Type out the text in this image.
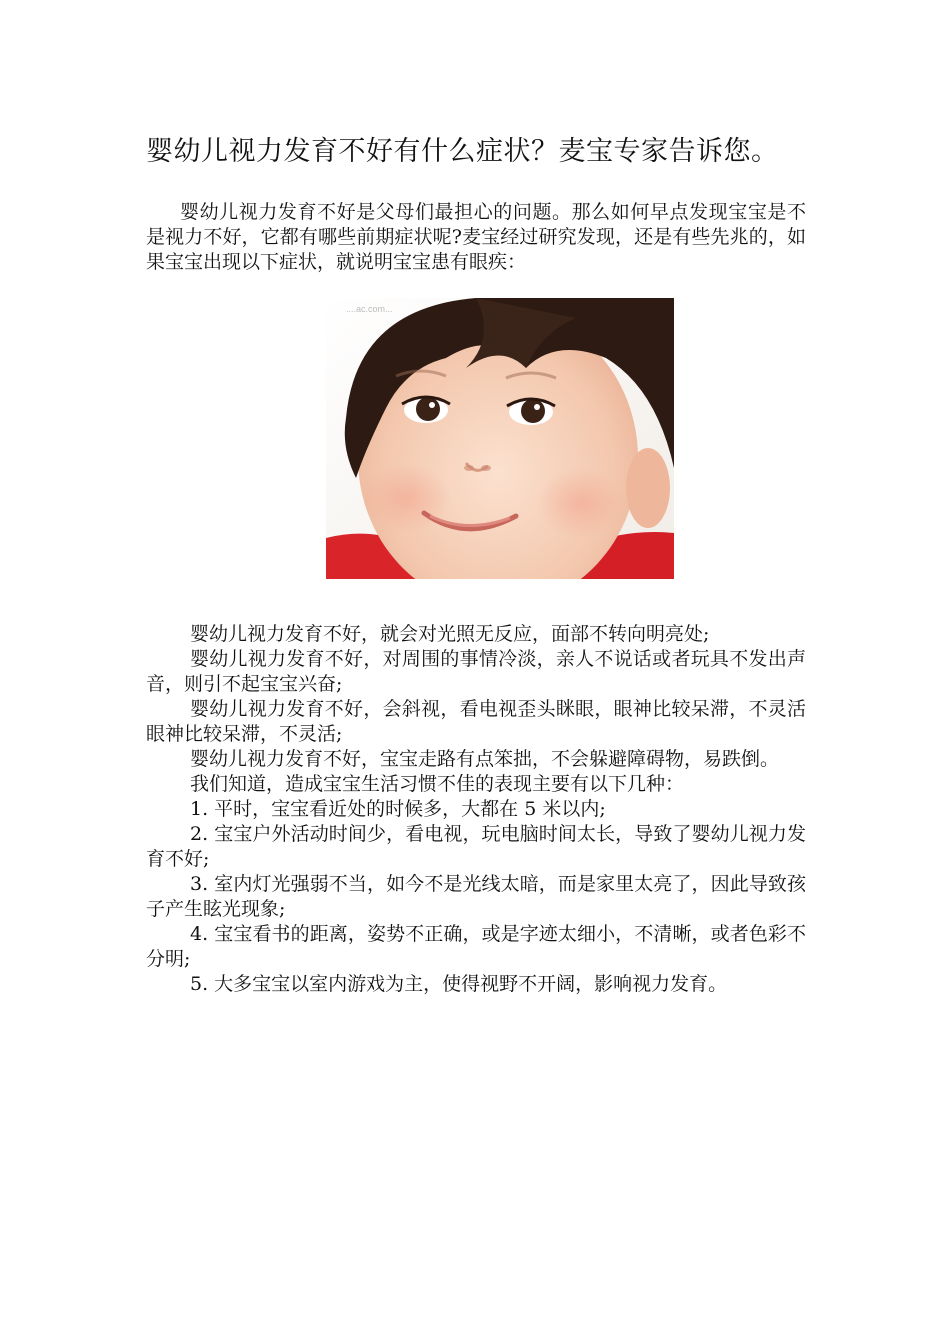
婴幼儿视力发育不好有什么症状？麦宝专家告诉您。

婴幼儿视力发育不好是父母们最担心的问题。那么如何早点发现宝宝是不是视力不好，它都有哪些前期症状呢?麦宝经过研究发现，还是有些先兆的，如果宝宝出现以下症状，就说明宝宝患有眼疾：

....ac.com...

婴幼儿视力发育不好，就会对光照无反应，面部不转向明亮处;

婴幼儿视力发育不好，对周围的事情冷淡，亲人不说话或者玩具不发出声音，则引不起宝宝兴奋;

婴幼儿视力发育不好，会斜视，看电视歪头眯眼，眼神比较呆滞，不灵活眼神比较呆滞，不灵活;

婴幼儿视力发育不好，宝宝走路有点笨拙，不会躲避障碍物，易跌倒。

我们知道，造成宝宝生活习惯不佳的表现主要有以下几种：

1. 平时，宝宝看近处的时候多，大都在 5 米以内;

2. 宝宝户外活动时间少，看电视，玩电脑时间太长，导致了婴幼儿视力发育不好;

3. 室内灯光强弱不当，如今不是光线太暗，而是家里太亮了，因此导致孩子产生眩光现象;

4. 宝宝看书的距离，姿势不正确，或是字迹太细小，不清晰，或者色彩不分明;

5. 大多宝宝以室内游戏为主，使得视野不开阔，影响视力发育。
